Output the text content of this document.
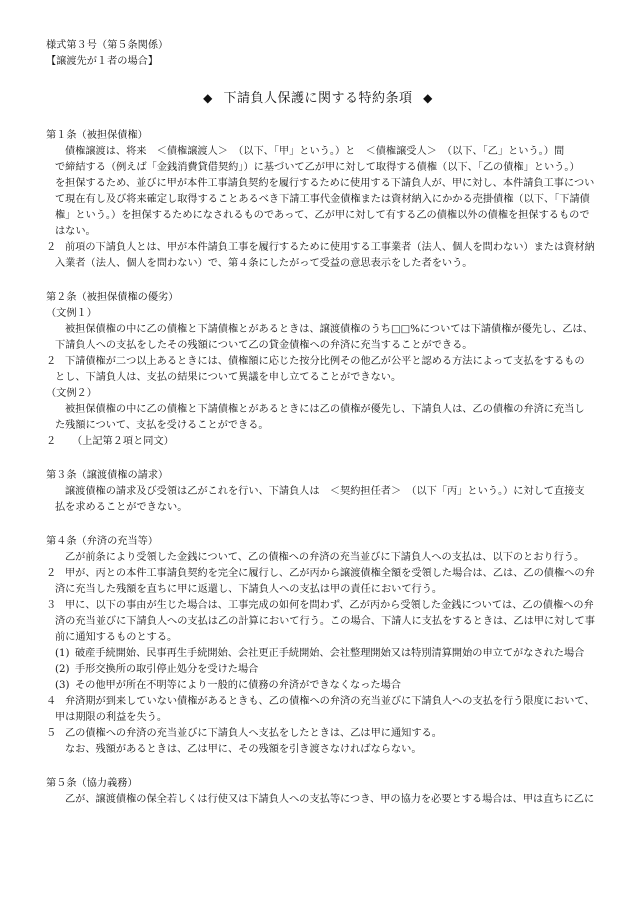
様式第３号（第５条関係）
【譲渡先が１者の場合】
◆ 下請負人保護に関する特約条項 ◆
第１条（被担保債権）
債権譲渡は、将来　＜債権譲渡人＞　（以下、「甲」という。）と　＜債権譲受人＞　（以下、「乙」という。）間
で締結する（例えば「金銭消費貸借契約」）に基づいて乙が甲に対して取得する債権（以下、「乙の債権」という。）
を担保するため、並びに甲が本件工事請負契約を履行するために使用する下請負人が、甲に対し、本件請負工事につい
て現在有し及び将来確定し取得することあるべき下請工事代金債権または資材納入にかかる売掛債権（以下、「下請債
権」という。）を担保するためになされるものであって、乙が甲に対して有する乙の債権以外の債権を担保するもので
はない。
２ 前項の下請負人とは、甲が本件請負工事を履行するために使用する工事業者（法人、個人を問わない）または資材納
入業者（法人、個人を問わない）で、第４条にしたがって受益の意思表示をした者をいう。
第２条（被担保債権の優劣）
（文例１）
被担保債権の中に乙の債権と下請債権とがあるときは、譲渡債権のうち□□%については下請債権が優先し、乙は、
下請負人への支払をしたその残額について乙の貸金債権への弁済に充当することができる。
２ 下請債権が二つ以上あるときには、債権額に応じた按分比例その他乙が公平と認める方法によって支払をするもの
とし、下請負人は、支払の結果について異議を申し立てることができない。
（文例２）
被担保債権の中に乙の債権と下請債権とがあるときには乙の債権が優先し、下請負人は、乙の債権の弁済に充当し
た残額について、支払を受けることができる。
２ （上記第２項と同文）
第３条（譲渡債権の請求）
譲渡債権の請求及び受領は乙がこれを行い、下請負人は　＜契約担任者＞　（以下「丙」という。）に対して直接支
払を求めることができない。
第４条（弁済の充当等）
乙が前条により受領した金銭について、乙の債権への弁済の充当並びに下請負人への支払は、以下のとおり行う。
２ 甲が、丙との本件工事請負契約を完全に履行し、乙が丙から譲渡債権全額を受領した場合は、乙は、乙の債権への弁
済に充当した残額を直ちに甲に返還し、下請負人への支払は甲の責任において行う。
３ 甲に、以下の事由が生じた場合は、工事完成の如何を問わず、乙が丙から受領した金銭については、乙の債権への弁
済の充当並びに下請負人への支払は乙の計算において行う。この場合、下請人に支払をするときは、乙は甲に対して事
前に通知するものとする。
(1) 破産手続開始、民事再生手続開始、会社更正手続開始、会社整理開始又は特別清算開始の申立てがなされた場合
(2) 手形交換所の取引停止処分を受けた場合
(3) その他甲が所在不明等により一般的に債務の弁済ができなくなった場合
４ 弁済期が到来していない債権があるときも、乙の債権への弁済の充当並びに下請負人への支払を行う限度において、
甲は期限の利益を失う。
５ 乙の債権への弁済の充当並びに下請負人へ支払をしたときは、乙は甲に通知する。
なお、残額があるときは、乙は甲に、その残額を引き渡さなければならない。
第５条（協力義務）
乙が、譲渡債権の保全若しくは行使又は下請負人への支払等につき、甲の協力を必要とする場合は、甲は直ちに乙に
